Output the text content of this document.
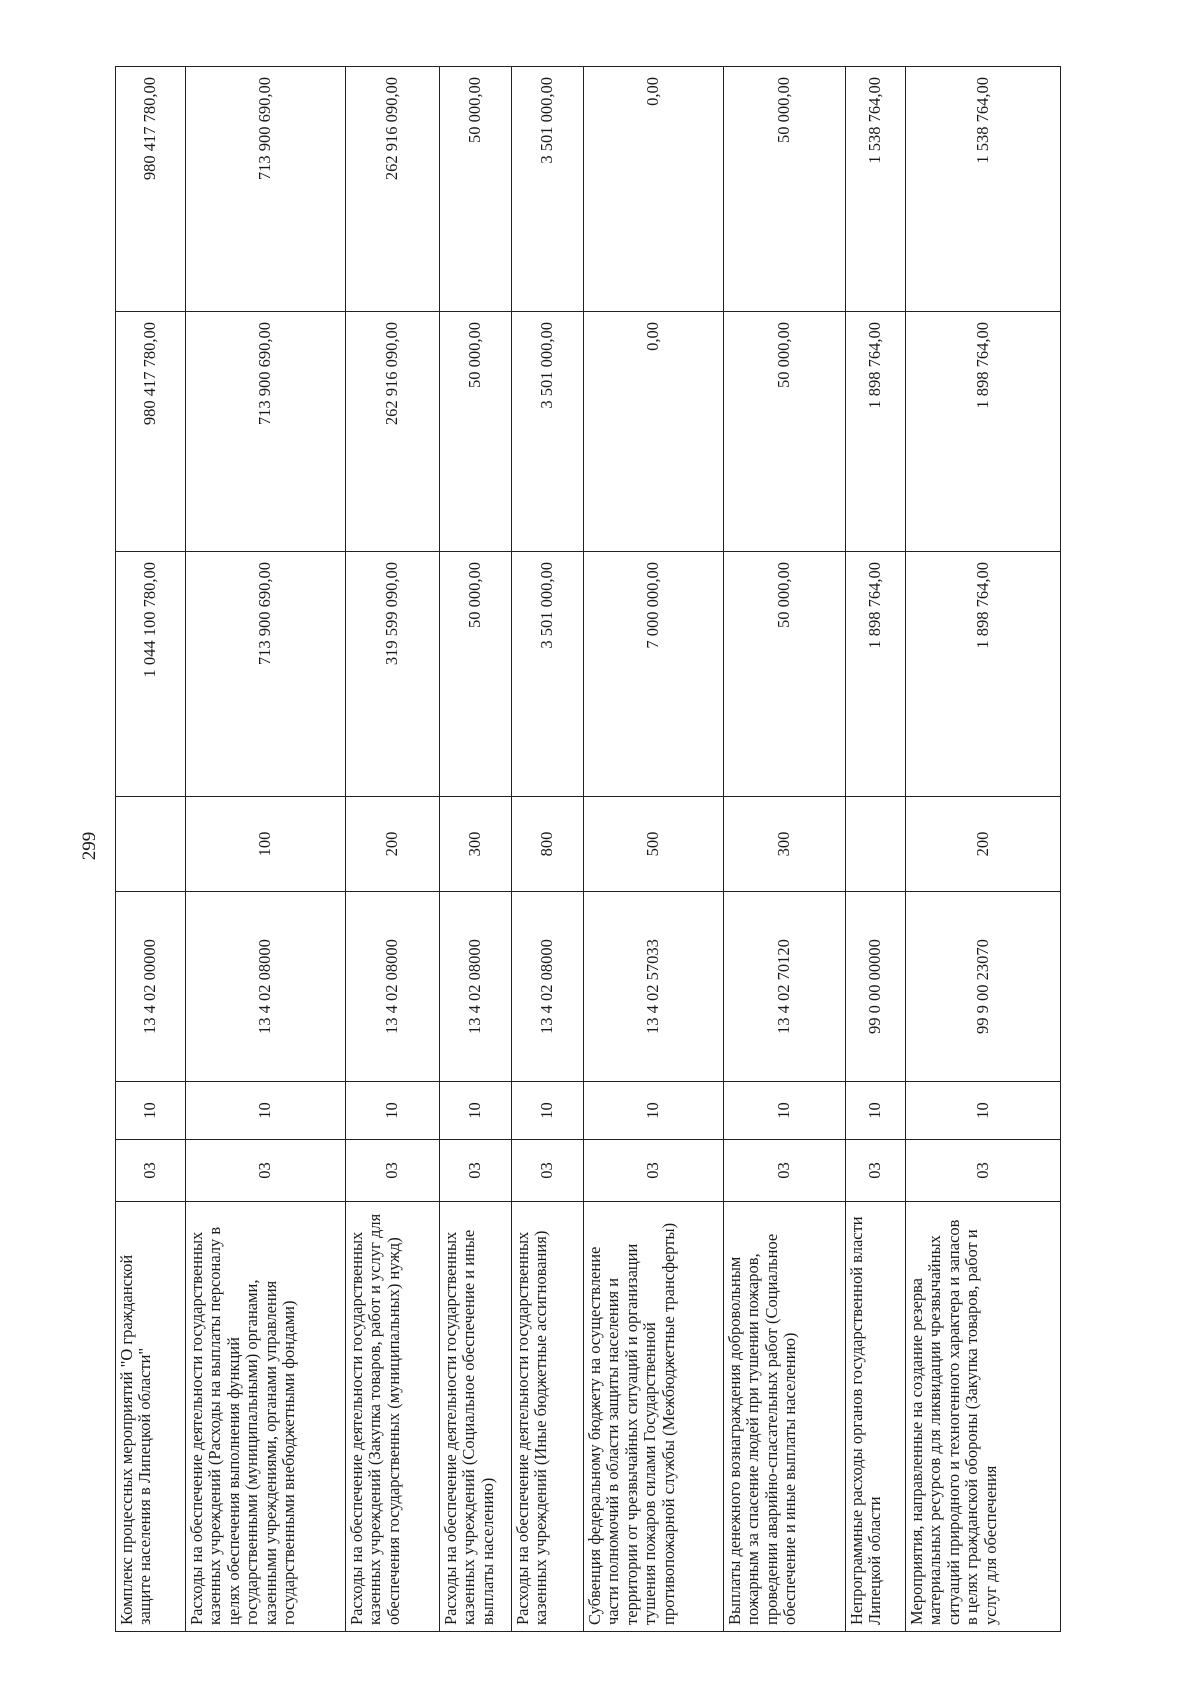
299
Комплекс процессных мероприятий "О гражданской защите населения в Липецкой области"	03	10	13 4 02 00000		1 044 100 780,00	980 417 780,00	980 417 780,00
Расходы на обеспечение деятельности государственных казенных учреждений (Расходы на выплаты персоналу в целях обеспечения выполнения функций государственными (муниципальными) органами, казенными учреждениями, органами управления государственными внебюджетными фондами)	03	10	13 4 02 08000	100	713 900 690,00	713 900 690,00	713 900 690,00
Расходы на обеспечение деятельности государственных казенных учреждений (Закупка товаров, работ и услуг для обеспечения государственных (муниципальных) нужд)	03	10	13 4 02 08000	200	319 599 090,00	262 916 090,00	262 916 090,00
Расходы на обеспечение деятельности государственных казенных учреждений (Социальное обеспечение и иные выплаты населению)	03	10	13 4 02 08000	300	50 000,00	50 000,00	50 000,00
Расходы на обеспечение деятельности государственных казенных учреждений (Иные бюджетные ассигнования)	03	10	13 4 02 08000	800	3 501 000,00	3 501 000,00	3 501 000,00
Субвенция федеральному бюджету на осуществление части полномочий в области защиты населения и территории от чрезвычайных ситуаций и организации тушения пожаров силами Государственной противопожарной службы (Межбюджетные трансферты)	03	10	13 4 02 57033	500	7 000 000,00	0,00	0,00
Выплаты денежного вознаграждения добровольным пожарным за спасение людей при тушении пожаров, проведении аварийно-спасательных работ (Социальное обеспечение и иные выплаты населению)	03	10	13 4 02 70120	300	50 000,00	50 000,00	50 000,00
Непрограммные расходы органов государственной власти Липецкой области	03	10	99 0 00 00000		1 898 764,00	1 898 764,00	1 538 764,00
Мероприятия, направленные на создание резерва материальных ресурсов для ликвидации чрезвычайных ситуаций природного и техногенного характера и запасов в целях гражданской обороны (Закупка товаров, работ и услуг для обеспечения	03	10	99 9 00 23070	200	1 898 764,00	1 898 764,00	1 538 764,00
